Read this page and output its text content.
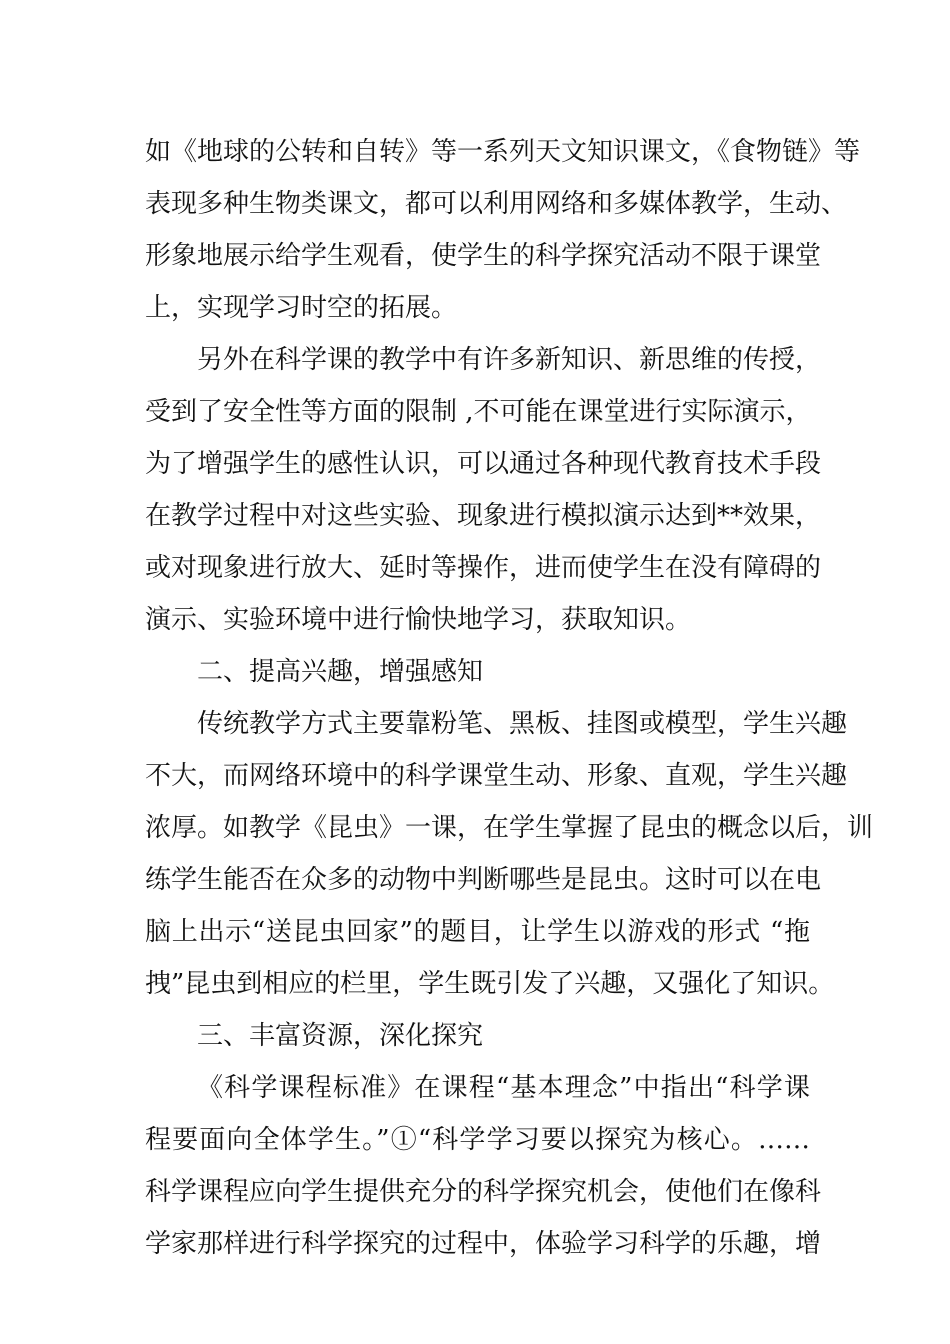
如《地球的公转和自转》等一系列天文知识课文，《食物链》等
表现多种生物类课文，都可以利用网络和多媒体教学，生动、
形象地展示给学生观看，使学生的科学探究活动不限于课堂
上，实现学习时空的拓展。
另外在科学课的教学中有许多新知识、新思维的传授，
受到了安全性等方面的限制 ,不可能在课堂进行实际演示，
为了增强学生的感性认识，可以通过各种现代教育技术手段
在教学过程中对这些实验、现象进行模拟演示达到**效果，
或对现象进行放大、延时等操作，进而使学生在没有障碍的
演示、实验环境中进行愉快地学习，获取知识。
二、提高兴趣，增强感知
传统教学方式主要靠粉笔、黑板、挂图或模型，学生兴趣
不大，而网络环境中的科学课堂生动、形象、直观，学生兴趣
浓厚。如教学《昆虫》一课，在学生掌握了昆虫的概念以后，训
练学生能否在众多的动物中判断哪些是昆虫。这时可以在电
脑上出示“送昆虫回家”的题目，让学生以游戏的形式 “拖
拽”昆虫到相应的栏里，学生既引发了兴趣，又强化了知识。
三、丰富资源，深化探究
《科学课程标准》在课程“基本理念”中指出“科学课
程要面向全体学生。”①“科学学习要以探究为核心。……
科学课程应向学生提供充分的科学探究机会，使他们在像科
学家那样进行科学探究的过程中，体验学习科学的乐趣，增
